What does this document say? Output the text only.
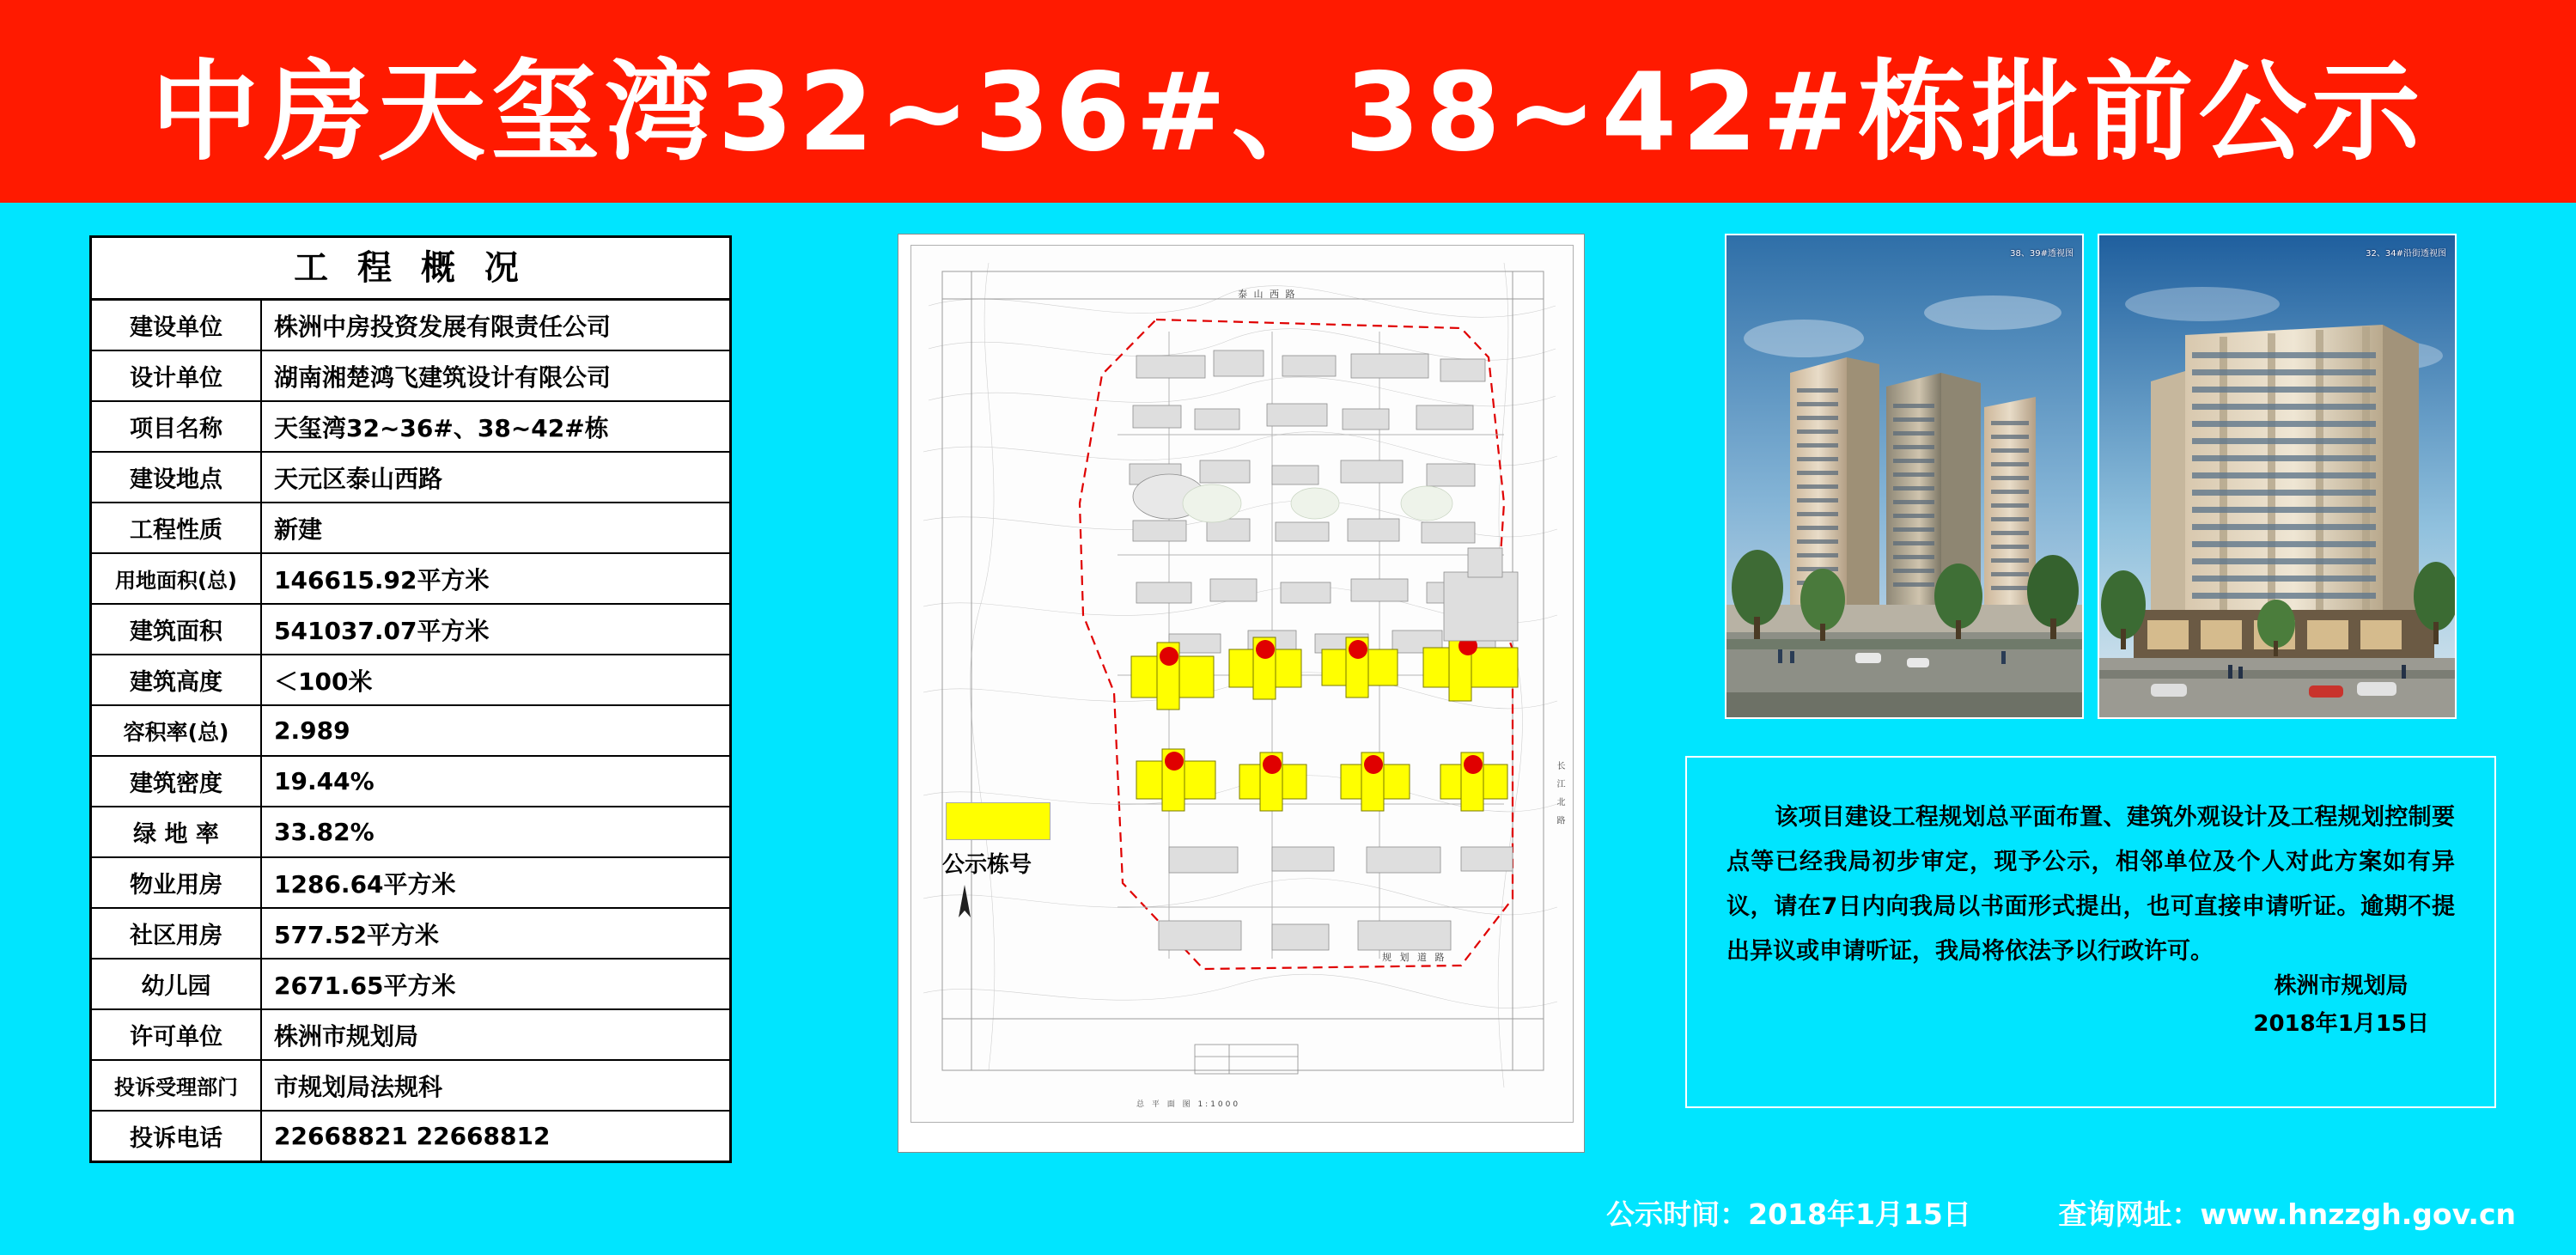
中房天玺湾32~36#、38~42#栋批前公示
工 程 概 况
建设单位	株洲中房投资发展有限责任公司
设计单位	湖南湘楚鸿飞建筑设计有限公司
项目名称	天玺湾32~36#、38~42#栋
建设地点	天元区泰山西路
工程性质	新建
用地面积(总)	146615.92平方米
建筑面积	541037.07平方米
建筑高度	＜100米
容积率(总)	2.989
建筑密度	19.44%
绿 地 率	33.82%
物业用房	1286.64平方米
社区用房	577.52平方米
幼儿园	2671.65平方米
许可单位	株洲市规划局
投诉受理部门	市规划局法规科
投诉电话	22668821 22668812
泰 山 西 路
长 江 北 路
规 划 道 路
公示栋号
总 平 面 图 1:1000
38、39#透视图	32、34#沿街透视图

该项目建设工程规划总平面布置、建筑外观设计及工程规划控制要点等已经我局初步审定，现予公示，相邻单位及个人对此方案如有异议，请在7日内向我局以书面形式提出，也可直接申请听证。逾期不提出异议或申请听证，我局将依法予以行政许可。

株洲市规划局
2018年1月15日
公示时间：2018年1月15日	查询网址：www.hnzzgh.gov.cn
